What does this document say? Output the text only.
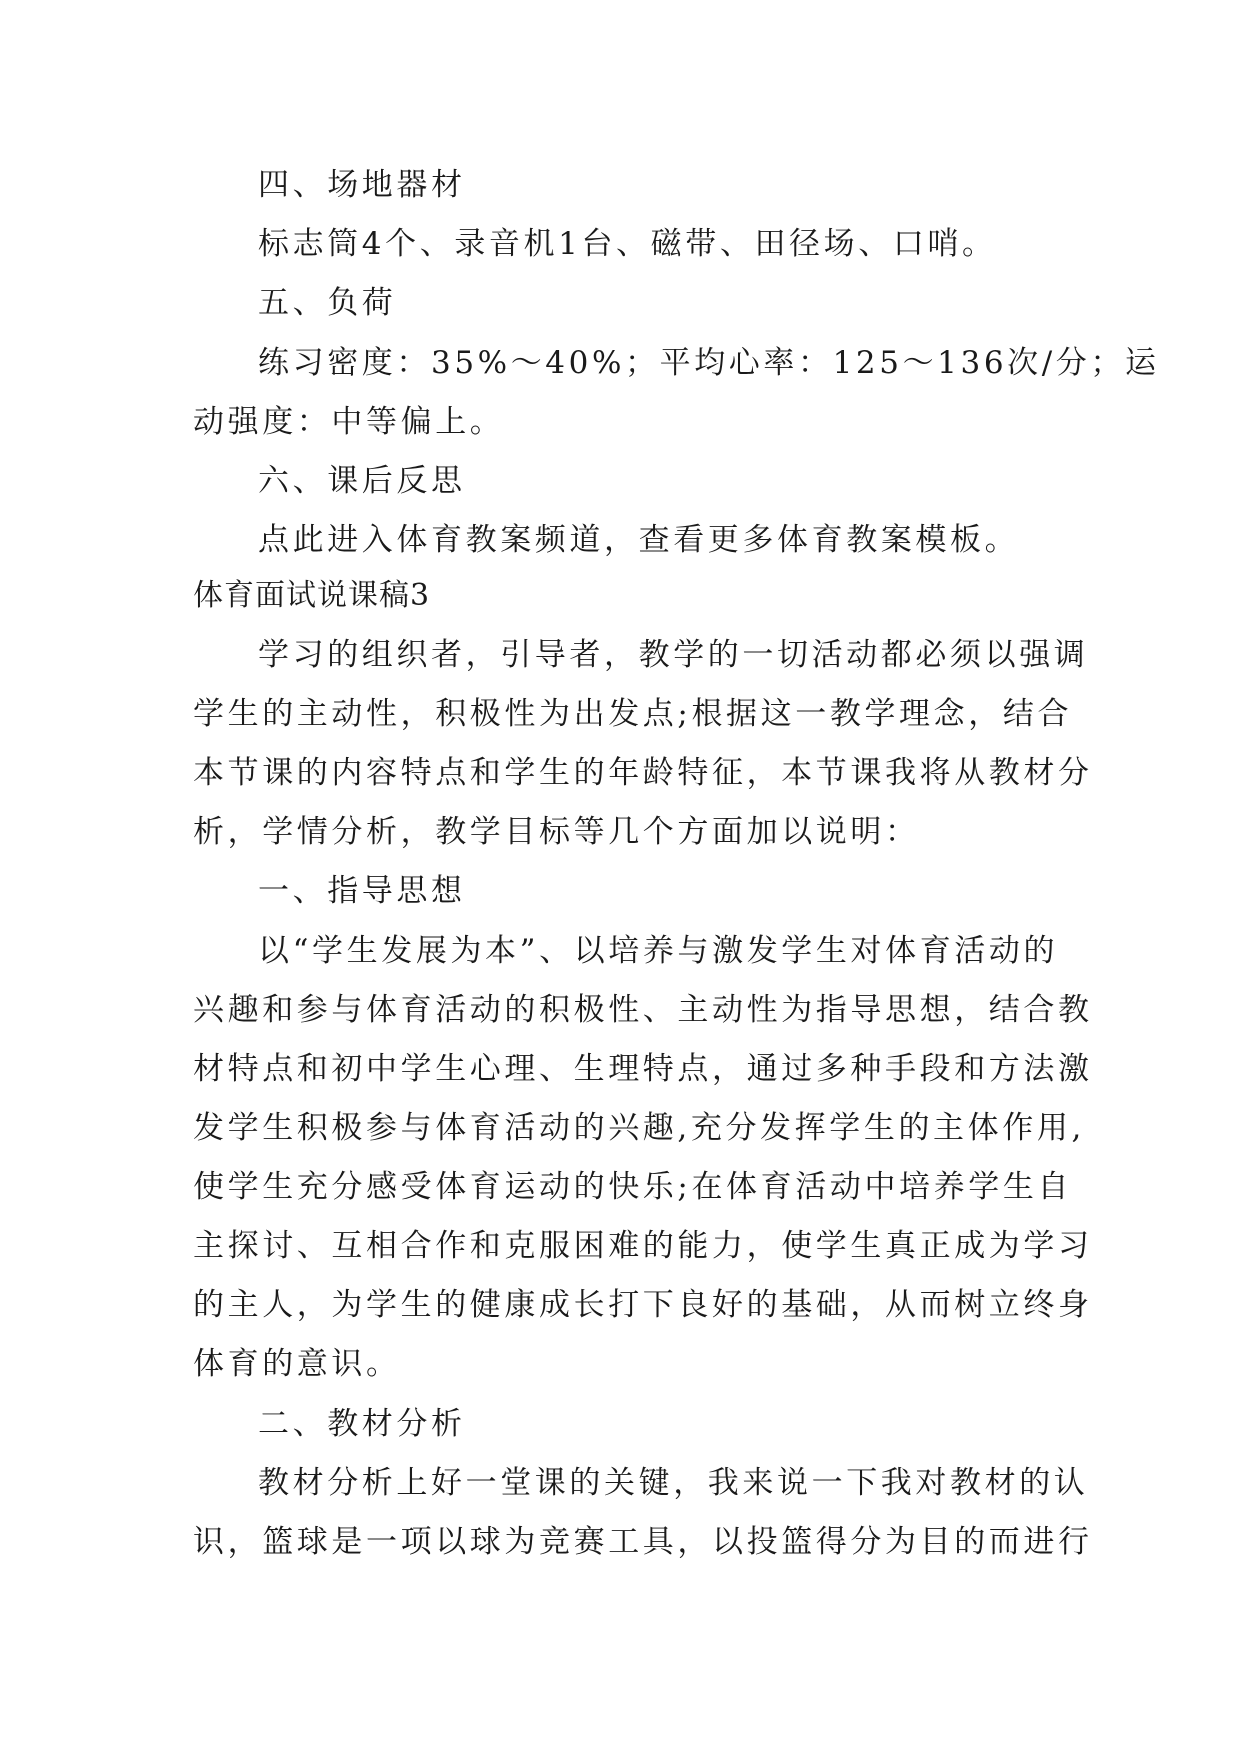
四、场地器材
标志筒4个、录音机1台、磁带、田径场、口哨。
五、负荷
练习密度：35%～40%；平均心率：125～136次/分；运
动强度：中等偏上。
六、课后反思
点此进入体育教案频道，查看更多体育教案模板。
体育面试说课稿3
学习的组织者，引导者，教学的一切活动都必须以强调
学生的主动性，积极性为出发点;根据这一教学理念，结合
本节课的内容特点和学生的年龄特征，本节课我将从教材分
析，学情分析，教学目标等几个方面加以说明：
一、指导思想
以“学生发展为本”、以培养与激发学生对体育活动的
兴趣和参与体育活动的积极性、主动性为指导思想，结合教
材特点和初中学生心理、生理特点，通过多种手段和方法激
发学生积极参与体育活动的兴趣,充分发挥学生的主体作用,
使学生充分感受体育运动的快乐;在体育活动中培养学生自
主探讨、互相合作和克服困难的能力，使学生真正成为学习
的主人，为学生的健康成长打下良好的基础，从而树立终身
体育的意识。
二、教材分析
教材分析上好一堂课的关键，我来说一下我对教材的认
识，篮球是一项以球为竞赛工具，以投篮得分为目的而进行
